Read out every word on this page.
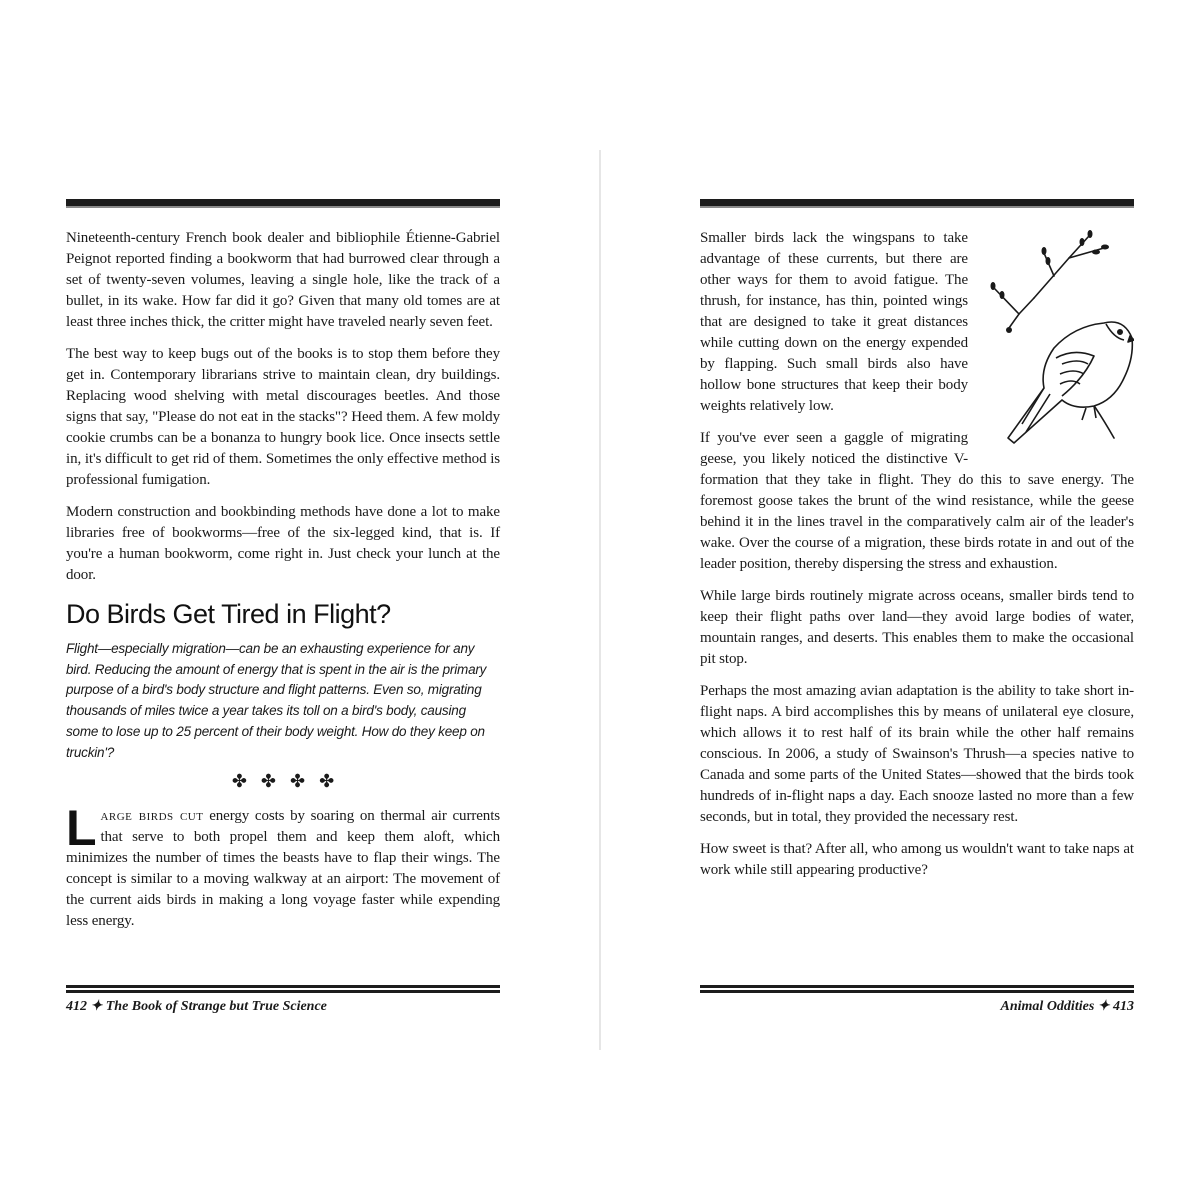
Nineteenth-century French book dealer and bibliophile Étienne-Gabriel Peignot reported finding a bookworm that had burrowed clear through a set of twenty-seven volumes, leaving a single hole, like the track of a bullet, in its wake. How far did it go? Given that many old tomes are at least three inches thick, the critter might have traveled nearly seven feet.

The best way to keep bugs out of the books is to stop them before they get in. Contemporary librarians strive to maintain clean, dry buildings. Replacing wood shelving with metal discourages beetles. And those signs that say, "Please do not eat in the stacks"? Heed them. A few moldy cookie crumbs can be a bonanza to hungry book lice. Once insects settle in, it's difficult to get rid of them. Sometimes the only effective method is professional fumigation.

Modern construction and bookbinding methods have done a lot to make libraries free of bookworms—free of the six-legged kind, that is. If you're a human bookworm, come right in. Just check your lunch at the door.

Do Birds Get Tired in Flight?

Flight—especially migration—can be an exhausting experience for any bird. Reducing the amount of energy that is spent in the air is the primary purpose of a bird's body structure and flight patterns. Even so, migrating thousands of miles twice a year takes its toll on a bird's body, causing some to lose up to 25 percent of their body weight. How do they keep on truckin'?

✤✤✤✤

Large birds cut energy costs by soaring on thermal air currents that serve to both propel them and keep them aloft, which minimizes the number of times the beasts have to flap their wings. The concept is similar to a moving walkway at an airport: The movement of the current aids birds in making a long voyage faster while expending less energy.

412 ✦ The Book of Strange but True Science

Smaller birds lack the wingspans to take advantage of these currents, but there are other ways for them to avoid fatigue. The thrush, for instance, has thin, pointed wings that are designed to take it great distances while cutting down on the energy expended by flapping. Such small birds also have hollow bone structures that keep their body weights relatively low.

If you've ever seen a gaggle of migrating geese, you likely noticed the distinctive V-formation that they take in flight. They do this to save energy. The foremost goose takes the brunt of the wind resistance, while the geese behind it in the lines travel in the comparatively calm air of the leader's wake. Over the course of a migration, these birds rotate in and out of the leader position, thereby dispersing the stress and exhaustion.

While large birds routinely migrate across oceans, smaller birds tend to keep their flight paths over land—they avoid large bodies of water, mountain ranges, and deserts. This enables them to make the occasional pit stop.

Perhaps the most amazing avian adaptation is the ability to take short in-flight naps. A bird accomplishes this by means of unilateral eye closure, which allows it to rest half of its brain while the other half remains conscious. In 2006, a study of Swainson's Thrush—a species native to Canada and some parts of the United States—showed that the birds took hundreds of in-flight naps a day. Each snooze lasted no more than a few seconds, but in total, they provided the necessary rest.

How sweet is that? After all, who among us wouldn't want to take naps at work while still appearing productive?

Animal Oddities ✦ 413
